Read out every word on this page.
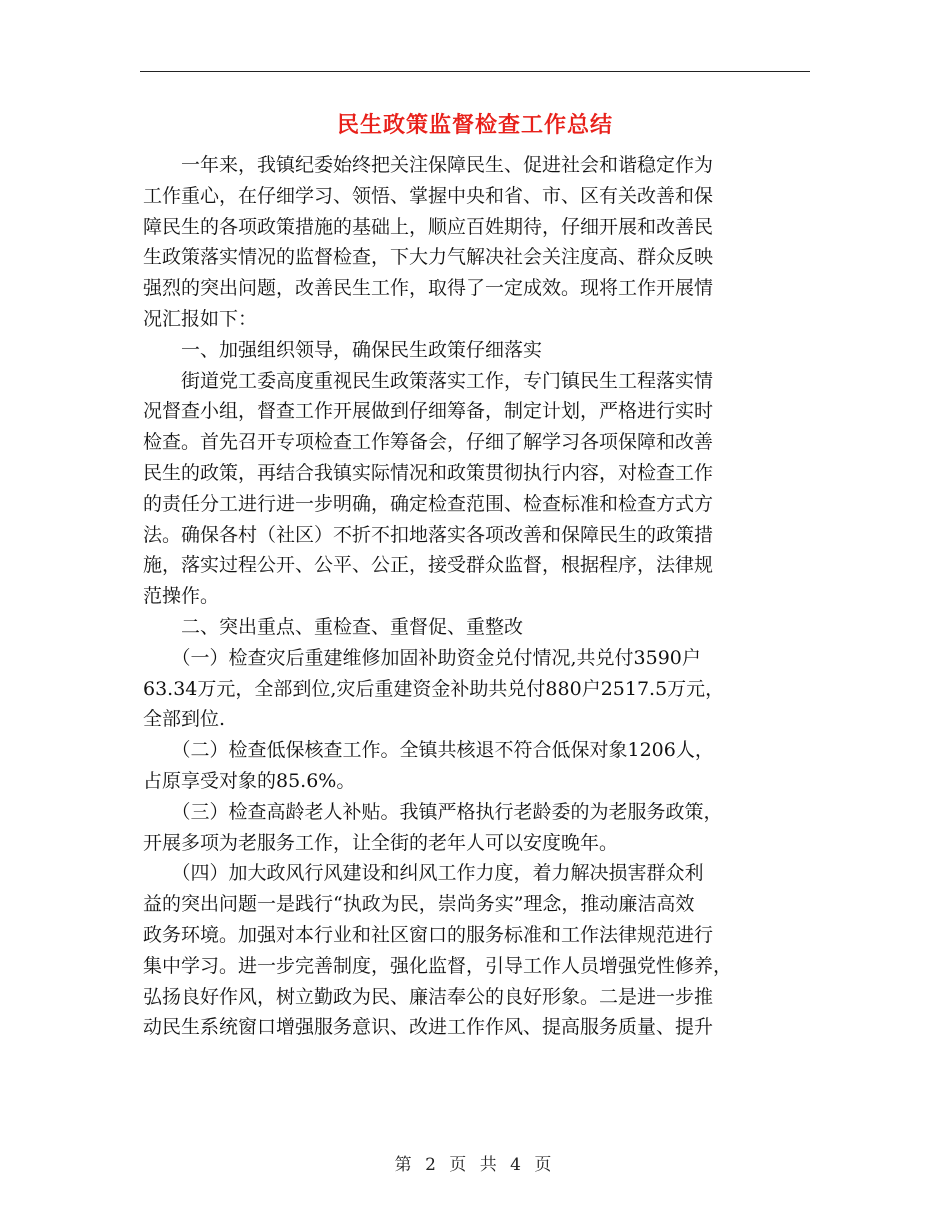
民生政策监督检查工作总结
　　一年来，我镇纪委始终把关注保障民生、促进社会和谐稳定作为
工作重心，在仔细学习、领悟、掌握中央和省、市、区有关改善和保
障民生的各项政策措施的基础上，顺应百姓期待，仔细开展和改善民
生政策落实情况的监督检查，下大力气解决社会关注度高、群众反映
强烈的突出问题，改善民生工作，取得了一定成效。现将工作开展情
况汇报如下：
　　一、加强组织领导，确保民生政策仔细落实
　　街道党工委高度重视民生政策落实工作，专门镇民生工程落实情
况督查小组，督查工作开展做到仔细筹备，制定计划，严格进行实时
检查。首先召开专项检查工作筹备会，仔细了解学习各项保障和改善
民生的政策，再结合我镇实际情况和政策贯彻执行内容，对检查工作
的责任分工进行进一步明确，确定检查范围、检查标准和检查方式方
法。确保各村（社区）不折不扣地落实各项改善和保障民生的政策措
施，落实过程公开、公平、公正，接受群众监督，根据程序，法律规
范操作。
　　二、突出重点、重检查、重督促、重整改
　　（一）检查灾后重建维修加固补助资金兑付情况,共兑付3590户
63.34万元，全部到位,灾后重建资金补助共兑付880户2517.5万元，
全部到位.
　　（二）检查低保核查工作。全镇共核退不符合低保对象1206人，
占原享受对象的85.6%。
　　（三）检查高龄老人补贴。我镇严格执行老龄委的为老服务政策，
开展多项为老服务工作，让全街的老年人可以安度晚年。
　　（四）加大政风行风建设和纠风工作力度，着力解决损害群众利
益的突出问题一是践行“执政为民，崇尚务实”理念，推动廉洁高效
政务环境。加强对本行业和社区窗口的服务标准和工作法律规范进行
集中学习。进一步完善制度，强化监督，引导工作人员增强党性修养，
弘扬良好作风，树立勤政为民、廉洁奉公的良好形象。二是进一步推
动民生系统窗口增强服务意识、改进工作作风、提高服务质量、提升
第 2 页 共 4 页
